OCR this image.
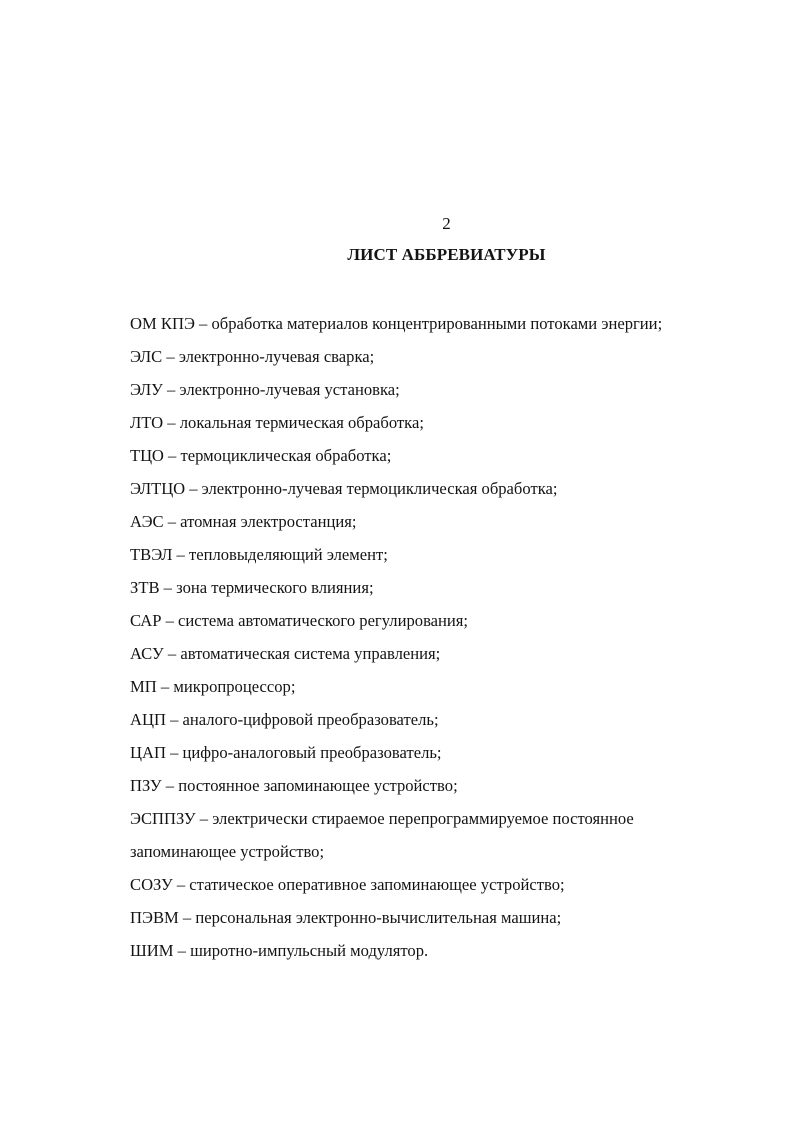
2
ЛИСТ АББРЕВИАТУРЫ
ОМ КПЭ – обработка материалов концентрированными потоками энергии;
ЭЛС – электронно-лучевая сварка;
ЭЛУ – электронно-лучевая установка;
ЛТО – локальная термическая обработка;
ТЦО – термоциклическая обработка;
ЭЛТЦО – электронно-лучевая термоциклическая обработка;
АЭС – атомная электростанция;
ТВЭЛ – тепловыделяющий элемент;
ЗТВ – зона термического влияния;
САР – система автоматического регулирования;
АСУ – автоматическая система управления;
МП – микропроцессор;
АЦП – аналого-цифровой преобразователь;
ЦАП – цифро-аналоговый преобразователь;
ПЗУ – постоянное запоминающее устройство;
ЭСППЗУ – электрически стираемое перепрограммируемое постоянное
запоминающее устройство;
СОЗУ – статическое оперативное запоминающее устройство;
ПЭВМ – персональная электронно-вычислительная машина;
ШИМ – широтно-импульсный модулятор.
